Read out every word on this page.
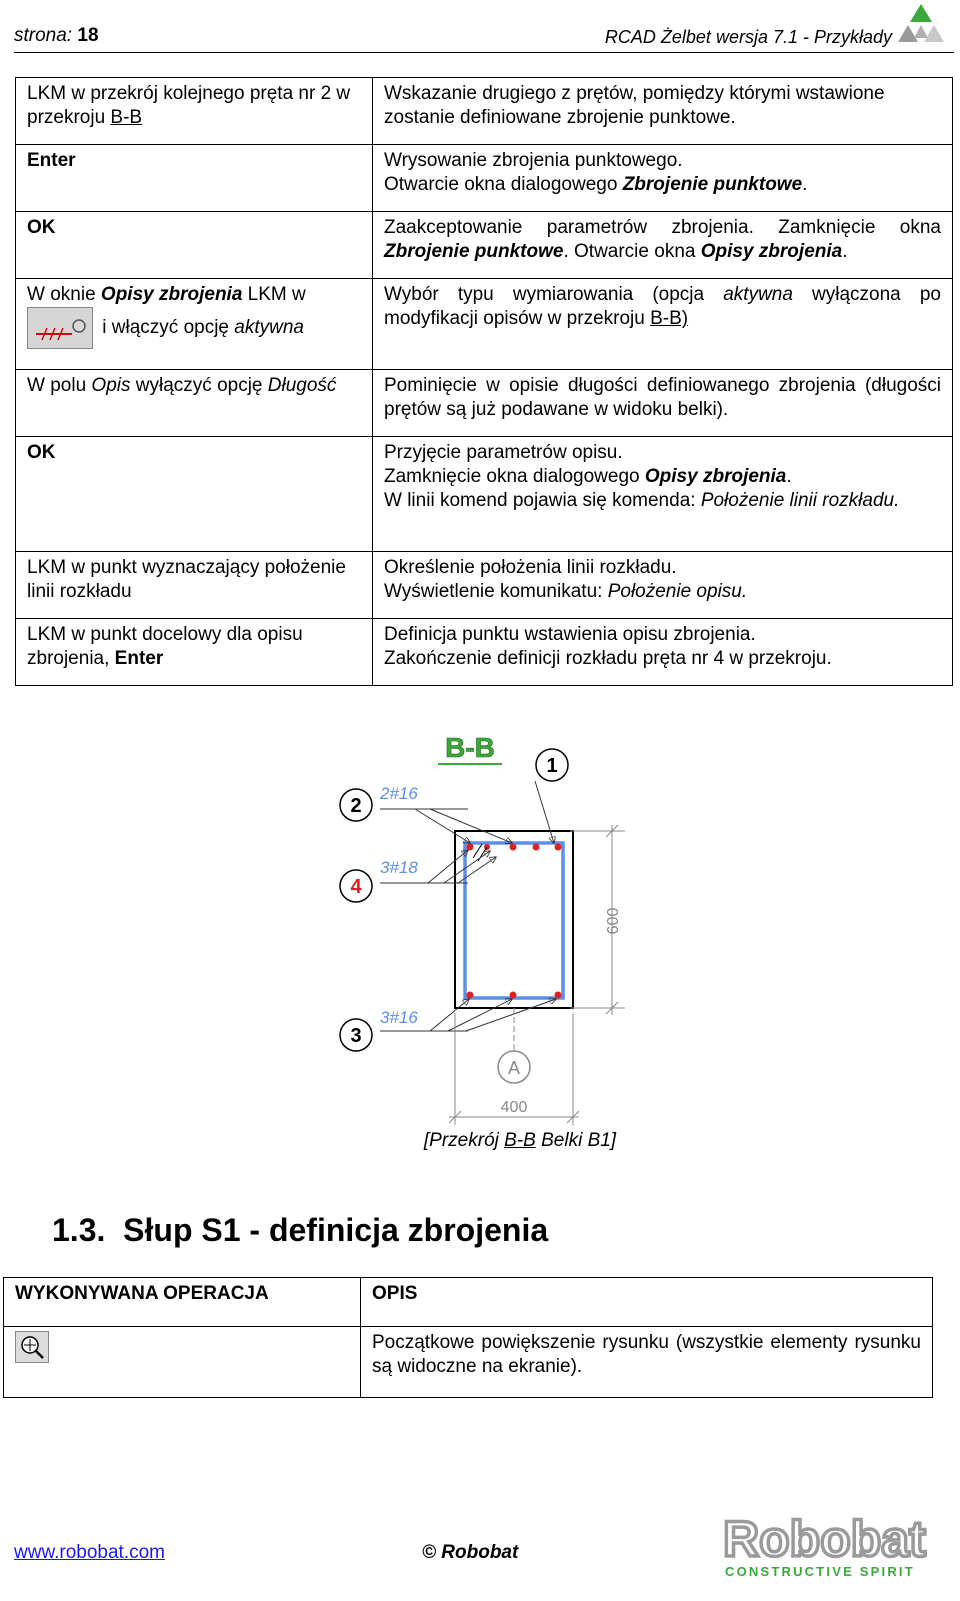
strona: 18	RCAD Żelbet wersja 7.1 - Przykłady
LKM w przekrój kolejnego pręta nr 2 w przekroju B-B	Wskazanie drugiego z prętów, pomiędzy którymi wstawione zostanie definiowane zbrojenie punktowe.
Enter	Wrysowanie zbrojenia punktowego.
Otwarcie okna dialogowego Zbrojenie punktowe.
OK	Zaakceptowanie parametrów zbrojenia. Zamknięcie okna Zbrojenie punktowe. Otwarcie okna Opisy zbrojenia.
W oknie Opisy zbrojenia LKM w
i włączyć opcję aktywna	Wybór typu wymiarowania (opcja aktywna wyłączona po modyfikacji opisów w przekroju B-B)
W polu Opis wyłączyć opcję Długość	Pominięcie w opisie długości definiowanego zbrojenia (długości prętów są już podawane w widoku belki).
OK	Przyjęcie parametrów opisu.
Zamknięcie okna dialogowego Opisy zbrojenia.
W linii komend pojawia się komenda: Położenie linii rozkładu.
LKM w punkt wyznaczający położenie linii rozkładu	Określenie położenia linii rozkładu.
Wyświetlenie komunikatu: Położenie opisu.
LKM w punkt docelowy dla opisu zbrojenia, Enter	Definicja punktu wstawienia opisu zbrojenia.
Zakończenie definicji rozkładu pręta nr 4 w przekroju.
B-B
2#16
3#18
3#16
1
2
4
3
600
A
400
[Przekrój B-B Belki B1]
1.3. Słup S1 - definicja zbrojenia
WYKONYWANA OPERACJA	OPIS
	Początkowe powiększenie rysunku (wszystkie elementy rysunku są widoczne na ekranie).
www.robobat.com	© Robobat	Robobat
CONSTRUCTIVE SPIRIT
